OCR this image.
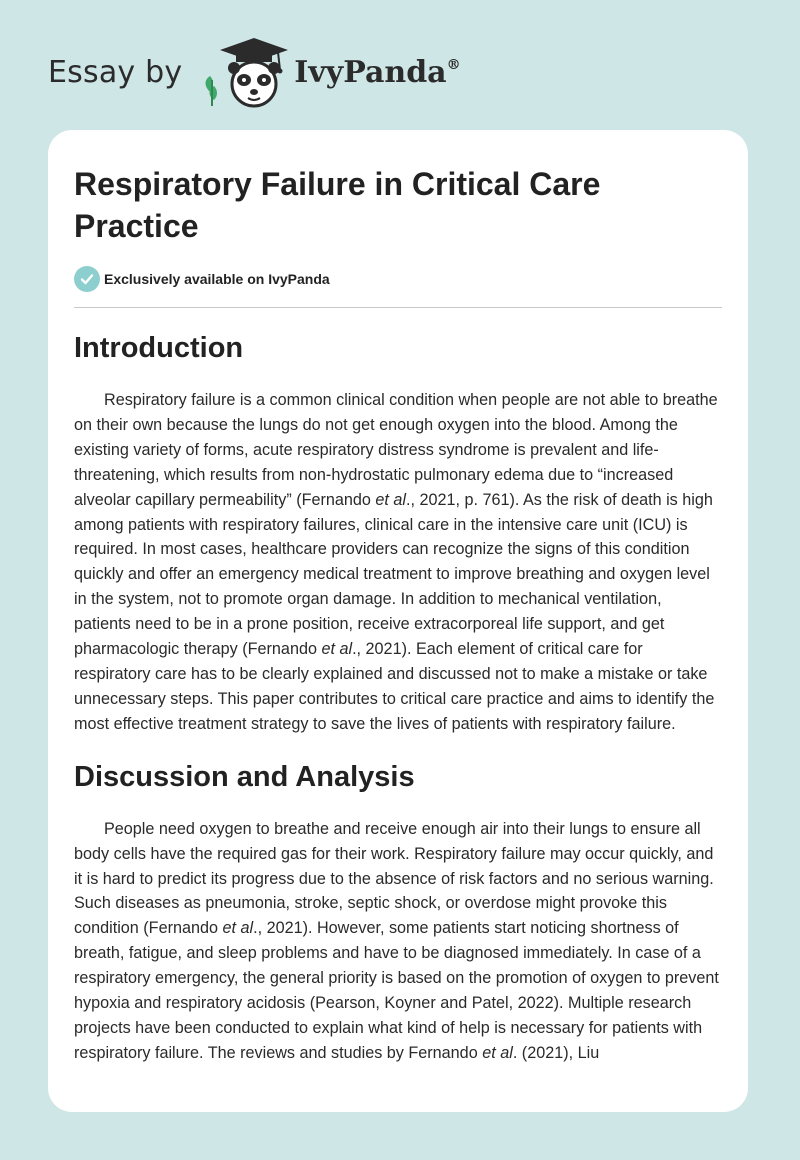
Essay by	IvyPanda®
Respiratory Failure in Critical Care Practice
Exclusively available on IvyPanda
Introduction

Respiratory failure is a common clinical condition when people are not able to breathe on their own because the lungs do not get enough oxygen into the blood. Among the existing variety of forms, acute respiratory distress syndrome is prevalent and life-threatening, which results from non-hydrostatic pulmonary edema due to “increased alveolar capillary permeability” (Fernando et al., 2021, p. 761). As the risk of death is high among patients with respiratory failures, clinical care in the intensive care unit (ICU) is required. In most cases, healthcare providers can recognize the signs of this condition quickly and offer an emergency medical treatment to improve breathing and oxygen level in the system, not to promote organ damage. In addition to mechanical ventilation, patients need to be in a prone position, receive extracorporeal life support, and get pharmacologic therapy (Fernando et al., 2021). Each element of critical care for respiratory care has to be clearly explained and discussed not to make a mistake or take unnecessary steps. This paper contributes to critical care practice and aims to identify the most effective treatment strategy to save the lives of patients with respiratory failure.

Discussion and Analysis

People need oxygen to breathe and receive enough air into their lungs to ensure all body cells have the required gas for their work. Respiratory failure may occur quickly, and it is hard to predict its progress due to the absence of risk factors and no serious warning. Such diseases as pneumonia, stroke, septic shock, or overdose might provoke this condition (Fernando et al., 2021). However, some patients start noticing shortness of breath, fatigue, and sleep problems and have to be diagnosed immediately. In case of a respiratory emergency, the general priority is based on the promotion of oxygen to prevent hypoxia and respiratory acidosis (Pearson, Koyner and Patel, 2022). Multiple research projects have been conducted to explain what kind of help is necessary for patients with respiratory failure. The reviews and studies by Fernando et al. (2021), Liu
